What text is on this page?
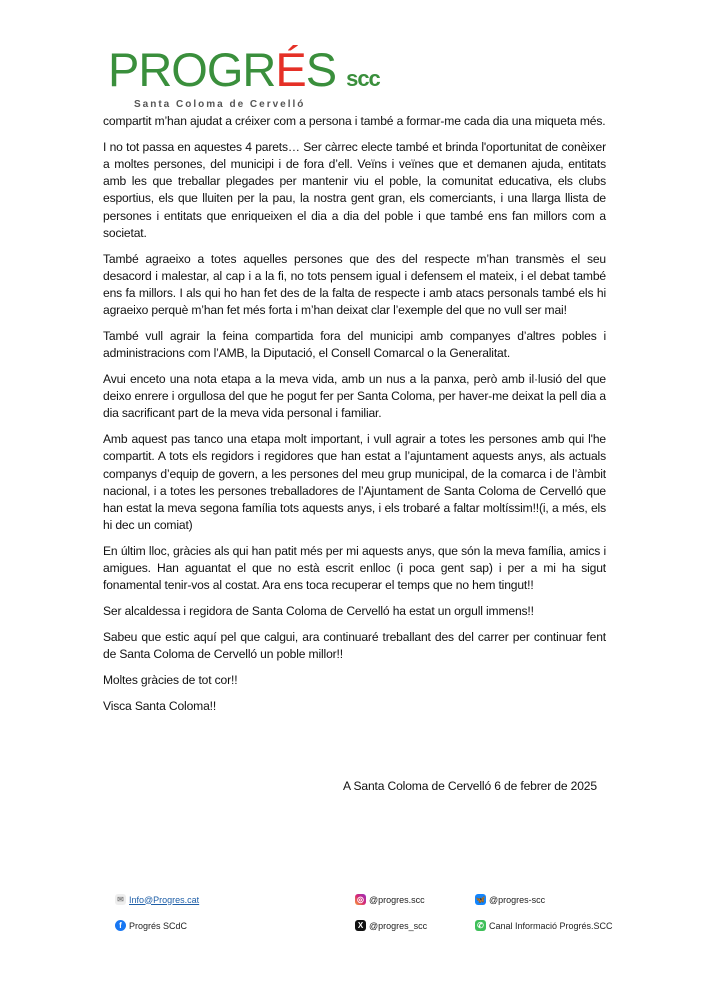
PROGRÉS scc
Santa Coloma de Cervelló

compartit m’han ajudat a créixer com a persona i també a formar-me cada dia una miqueta més.

I no tot passa en aquestes 4 parets… Ser càrrec electe també et brinda l'oportunitat de conèixer a moltes persones, del municipi i de fora d’ell. Veïns i veïnes que et demanen ajuda, entitats amb les que treballar plegades per mantenir viu el poble, la comunitat educativa, els clubs esportius, els que lluiten per la pau, la nostra gent gran, els comerciants, i una llarga llista de persones i entitats que enriqueixen el dia a dia del poble i que també ens fan millors com a societat.

També agraeixo a totes aquelles persones que des del respecte m’han transmès el seu desacord i malestar, al cap i a la fi, no tots pensem igual i defensem el mateix, i el debat també ens fa millors. I als qui ho han fet des de la falta de respecte i amb atacs personals també els hi agraeixo perquè m’han fet més forta i m’han deixat clar l’exemple del que no vull ser mai!

També vull agrair la feina compartida fora del municipi amb companyes d’altres pobles i administracions com l’AMB, la Diputació, el Consell Comarcal o la Generalitat.

Avui enceto una nota etapa a la meva vida, amb un nus a la panxa, però amb il·lusió del que deixo enrere i orgullosa del que he pogut fer per Santa Coloma, per haver-me deixat la pell dia a dia sacrificant part de la meva vida personal i familiar.

Amb aquest pas tanco una etapa molt important, i vull agrair a totes les persones amb qui l'he compartit. A tots els regidors i regidores que han estat a l’ajuntament aquests anys, als actuals companys d’equip de govern, a les persones del meu grup municipal, de la comarca i de l’àmbit nacional, i a totes les persones treballadores de l’Ajuntament de Santa Coloma de Cervelló que han estat la meva segona família tots aquests anys, i els trobaré a faltar moltíssim!!(i, a més, els hi dec un comiat)

En últim lloc, gràcies als qui han patit més per mi aquests anys, que són la meva família, amics i amigues. Han aguantat el que no està escrit enlloc (i poca gent sap) i per a mi ha sigut fonamental tenir-vos al costat. Ara ens toca recuperar el temps que no hem tingut!!

Ser alcaldessa i regidora de Santa Coloma de Cervelló ha estat un orgull immens!!

Sabeu que estic aquí pel que calgui, ara continuaré treballant des del carrer per continuar fent de Santa Coloma de Cervelló un poble millor!!

Moltes gràcies de tot cor!!

Visca Santa Coloma!!

A Santa Coloma de Cervelló 6 de febrer de 2025
✉ Info@Progres.cat
f Progrés SCdC
◎ @progres.scc
X @progres_scc
🦋 @progres-scc
✆ Canal Informació Progrés.SCC
